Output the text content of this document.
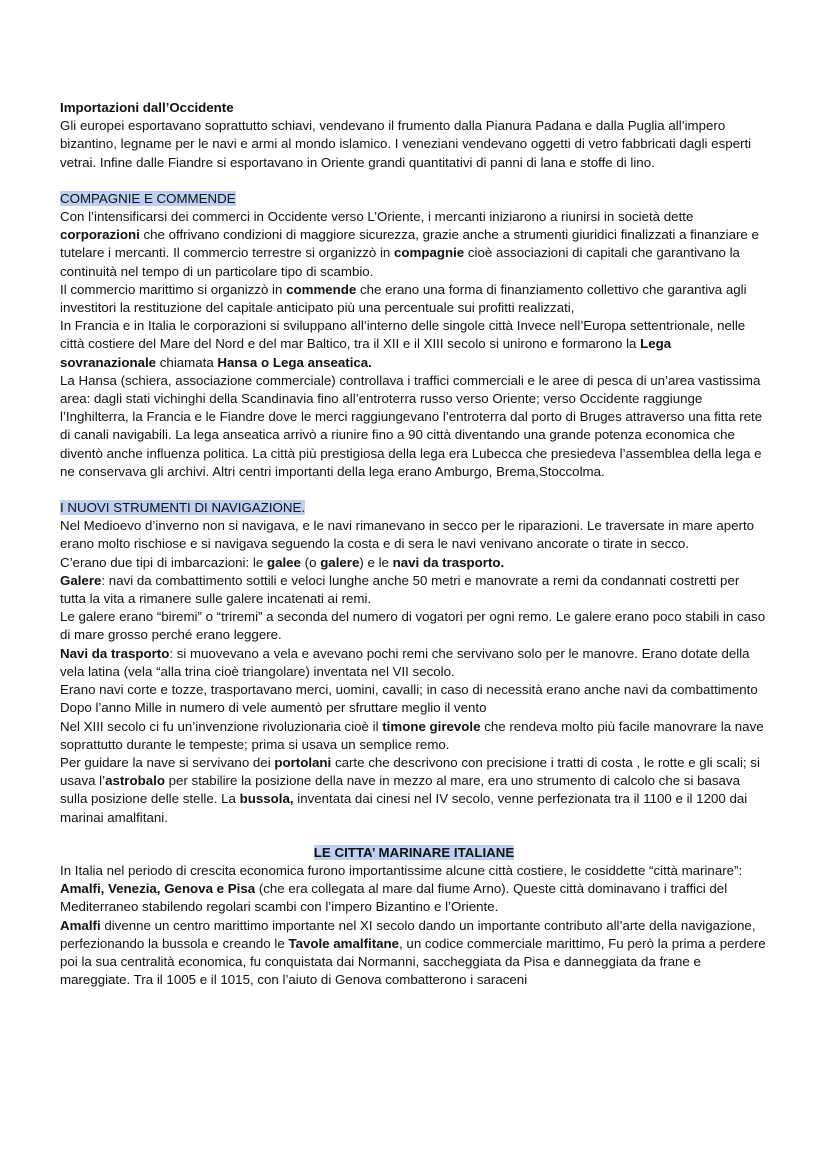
Importazioni dall’Occidente

Gli europei esportavano soprattutto schiavi, vendevano il frumento dalla Pianura Padana e dalla Puglia all’impero bizantino, legname per le navi e armi al mondo islamico. I veneziani vendevano oggetti di vetro fabbricati dagli esperti vetrai. Infine dalle Fiandre si esportavano in Oriente grandi quantitativi di panni di lana e stoffe di lino.

COMPAGNIE E COMMENDE

Con l’intensificarsi dei commerci in Occidente verso L’Oriente, i mercanti iniziarono a riunirsi in società dette corporazioni che offrivano condizioni di maggiore sicurezza, grazie anche a strumenti giuridici finalizzati a finanziare e tutelare i mercanti. Il commercio terrestre si organizzò in compagnie cioè associazioni di capitali che garantivano la continuità nel tempo di un particolare tipo di scambio.

Il commercio marittimo si organizzò in commende che erano una forma di finanziamento collettivo che garantiva agli investitori la restituzione del capitale anticipato più una percentuale sui profitti realizzati,

In Francia e in Italia le corporazioni si sviluppano all’interno delle singole città Invece nell’Europa settentrionale, nelle città costiere del Mare del Nord e del mar Baltico, tra il XII e il XIII secolo si unirono e formarono la Lega sovranazionale chiamata Hansa o Lega anseatica.

La Hansa (schiera, associazione commerciale) controllava i traffici commerciali e le aree di pesca di un’area vastissima area: dagli stati vichinghi della Scandinavia fino all’entroterra russo verso Oriente; verso Occidente raggiunge l’Inghilterra, la Francia e le Fiandre dove le merci raggiungevano l’entroterra dal porto di Bruges attraverso una fitta rete di canali navigabili. La lega anseatica arrivò a riunire fino a 90 città diventando una grande potenza economica che diventò anche influenza politica. La città più prestigiosa della lega era Lubecca che presiedeva l’assemblea della lega e ne conservava gli archivi. Altri centri importanti della lega erano Amburgo, Brema,Stoccolma.

I NUOVI STRUMENTI DI NAVIGAZIONE.

Nel Medioevo d’inverno non si navigava, e le navi rimanevano in secco per le riparazioni. Le traversate in mare aperto erano molto rischiose e si navigava seguendo la costa e di sera le navi venivano ancorate o tirate in secco.

C’erano due tipi di imbarcazioni: le galee (o galere) e le navi da trasporto.

Galere: navi da combattimento sottili e veloci lunghe anche 50 metri e manovrate a remi da condannati costretti per tutta la vita a rimanere sulle galere incatenati ai remi.

Le galere erano “biremi” o “triremi” a seconda del numero di vogatori per ogni remo. Le galere erano poco stabili in caso di mare grosso perché erano leggere.

Navi da trasporto: si muovevano a vela e avevano pochi remi che servivano solo per le manovre. Erano dotate della vela latina (vela “alla trina cioè triangolare) inventata nel VII secolo.

Erano navi corte e tozze, trasportavano merci, uomini, cavalli; in caso di necessità erano anche navi da combattimento

Dopo l’anno Mille in numero di vele aumentò per sfruttare meglio il vento

Nel XIII secolo ci fu un’invenzione rivoluzionaria cioè il timone girevole che rendeva molto più facile manovrare la nave soprattutto durante le tempeste; prima si usava un semplice remo.

Per guidare la nave si servivano dei portolani carte che descrivono con precisione i tratti di costa , le rotte e gli scali; si usava l’astrobalo per stabilire la posizione della nave in mezzo al mare, era uno strumento di calcolo che si basava sulla posizione delle stelle. La bussola, inventata dai cinesi nel IV secolo, venne perfezionata tra il 1100 e il 1200 dai marinai amalfitani.

LE CITTA’ MARINARE ITALIANE

In Italia nel periodo di crescita economica furono importantissime alcune città costiere, le cosiddette “città marinare”: Amalfi, Venezia, Genova e Pisa (che era collegata al mare dal fiume Arno). Queste città dominavano i traffici del Mediterraneo stabilendo regolari scambi con l’impero Bizantino e l’Oriente.

Amalfi divenne un centro marittimo importante nel XI secolo dando un importante contributo all’arte della navigazione, perfezionando la bussola e creando le Tavole amalfitane, un codice commerciale marittimo, Fu però la prima a perdere poi la sua centralità economica, fu conquistata dai Normanni, saccheggiata da Pisa e danneggiata da frane e mareggiate. Tra il 1005 e il 1015, con l’aiuto di Genova combatterono i saraceni
